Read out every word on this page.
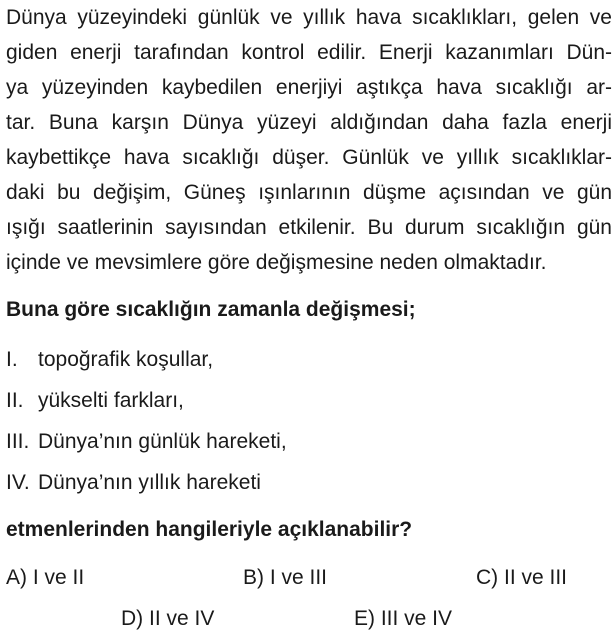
Dünya yüzeyindeki günlük ve yıllık hava sıcaklıkları, gelen ve
giden enerji tarafından kontrol edilir. Enerji kazanımları Dün-
ya yüzeyinden kaybedilen enerjiyi aştıkça hava sıcaklığı ar-
tar. Buna karşın Dünya yüzeyi aldığından daha fazla enerji
kaybettikçe hava sıcaklığı düşer. Günlük ve yıllık sıcaklıklar-
daki bu değişim, Güneş ışınlarının düşme açısından ve gün
ışığı saatlerinin sayısından etkilenir. Bu durum sıcaklığın gün
içinde ve mevsimlere göre değişmesine neden olmaktadır.
Buna göre sıcaklığın zamanla değişmesi;
I. topoğrafik koşullar,
II. yükselti farkları,
III. Dünya’nın günlük hareketi,
IV. Dünya’nın yıllık hareketi
etmenlerinden hangileriyle açıklanabilir?
A) I ve II	B) I ve III	C) II ve III
D) II ve IV	E) III ve IV
